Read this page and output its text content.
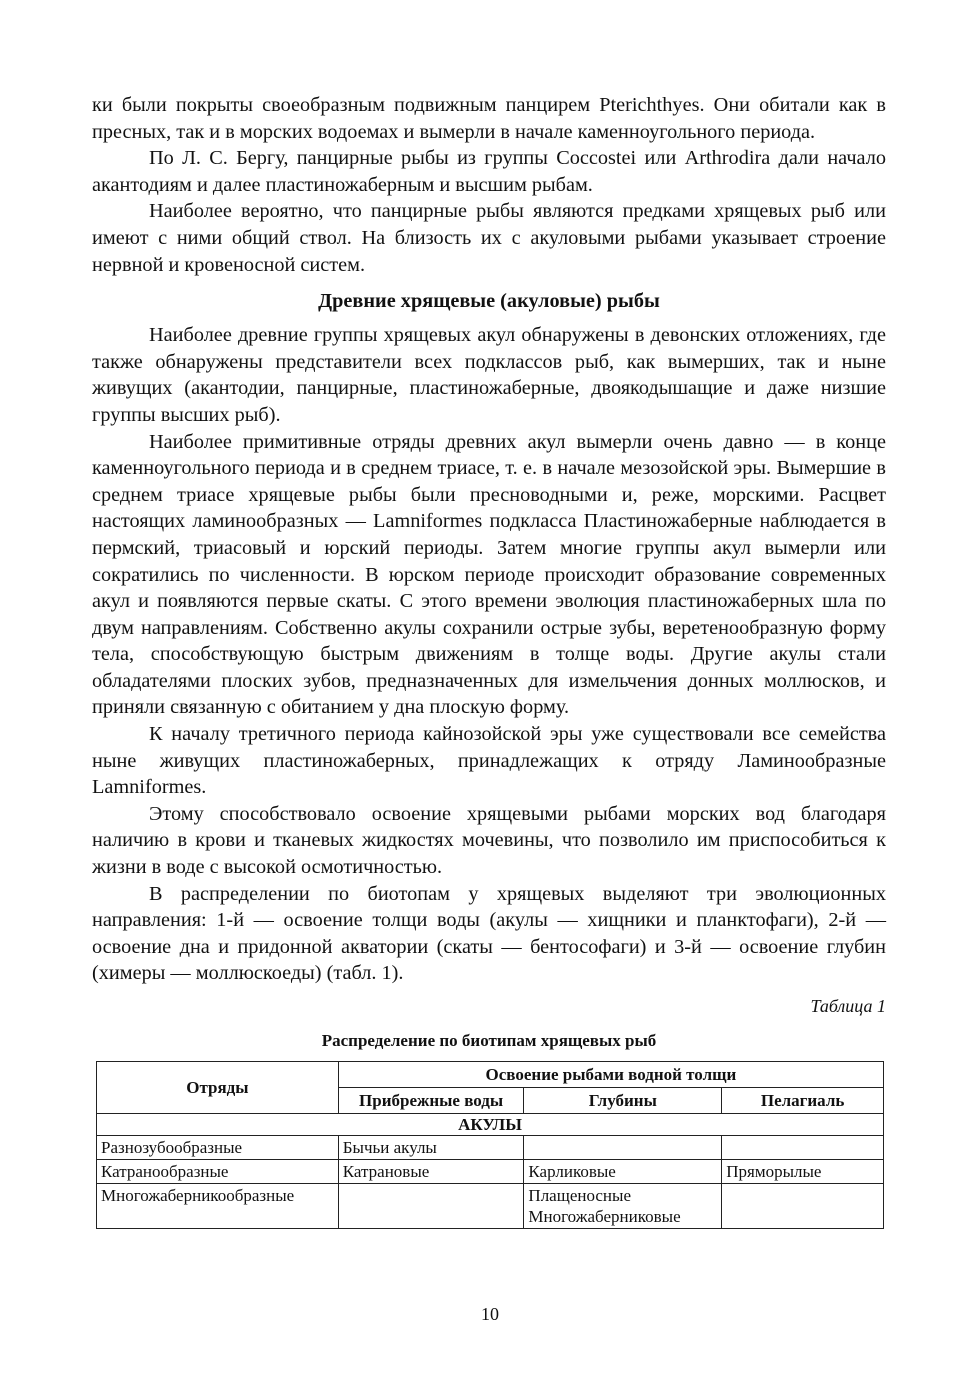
ки были покрыты своеобразным подвижным панцирем Pterichthyes. Они обитали как в пресных, так и в морских водоемах и вымерли в начале каменноугольного периода.

По Л. С. Бергу, панцирные рыбы из группы Coccostei или Arthrodira дали начало акантодиям и далее пластиножаберным и высшим рыбам.

Наиболее вероятно, что панцирные рыбы являются предками хрящевых рыб или имеют с ними общий ствол. На близость их с акуловыми рыбами указывает строение нервной и кровеносной систем.

Древние хрящевые (акуловые) рыбы

Наиболее древние группы хрящевых акул обнаружены в девонских отложениях, где также обнаружены представители всех подклассов рыб, как вымерших, так и ныне живущих (акантодии, панцирные, пластиножаберные, двоякодышащие и даже низшие группы высших рыб).

Наиболее примитивные отряды древних акул вымерли очень давно — в конце каменноугольного периода и в среднем триасе, т. е. в начале мезозойской эры. Вымершие в среднем триасе хрящевые рыбы были пресноводными и, реже, морскими. Расцвет настоящих ламинообразных — Lamniformes подкласса Пластиножаберные наблюдается в пермский, триасовый и юрский периоды. Затем многие группы акул вымерли или сократились по численности. В юрском периоде происходит образование современных акул и появляются первые скаты. С этого времени эволюция пластиножаберных шла по двум направлениям. Собственно акулы сохранили острые зубы, веретенообразную форму тела, способствующую быстрым движениям в толще воды. Другие акулы стали обладателями плоских зубов, предназначенных для измельчения донных моллюсков, и приняли связанную с обитанием у дна плоскую форму.

К началу третичного периода кайнозойской эры уже существовали все семейства ныне живущих пластиножаберных, принадлежащих к отряду Ламинообразные Lamniformes.

Этому способствовало освоение хрящевыми рыбами морских вод благодаря наличию в крови и тканевых жидкостях мочевины, что позволило им приспособиться к жизни в воде с высокой осмотичностью.

В распределении по биотопам у хрящевых выделяют три эволюционных направления: 1-й — освоение толщи воды (акулы — хищники и планктофаги), 2-й — освоение дна и придонной акватории (скаты — бентософаги) и 3-й — освоение глубин (химеры — моллюскоеды) (табл. 1).

Таблица 1
Распределение по биотипам хрящевых рыб
Отряды	Освоение рыбами водной толщи		
	Прибрежные воды	Глубины	Пелагиаль
АКУЛЫ			
Разнозубообразные	Бычьи акулы		
Катранообразные	Катрановые	Карликовые	Пряморылые
Многожаберникообразные		Плащеносные
Многожаберниковые	
10
